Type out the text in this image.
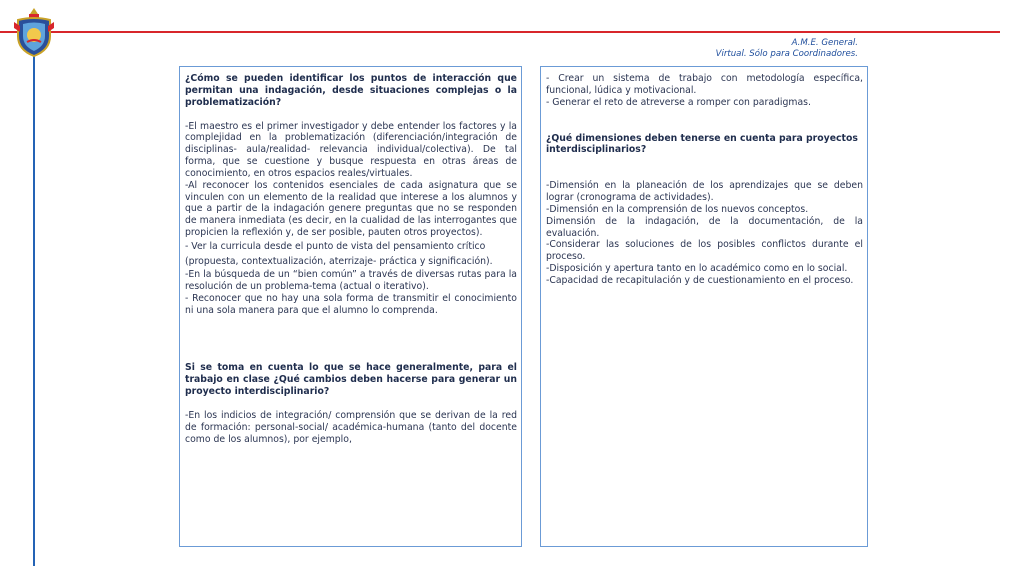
A.M.E. General.
Virtual. Sólo para Coordinadores.

¿Cómo se pueden identificar los puntos de interacción que permitan una indagación, desde situaciones complejas o la problematización?

-El maestro es el primer investigador y debe entender los factores y la complejidad en la problematización (diferenciación/integración de disciplinas- aula/realidad- relevancia individual/colectiva). De tal forma, que se cuestione y busque respuesta en otras áreas de conocimiento, en otros espacios reales/virtuales.

-Al reconocer los contenidos esenciales de cada asignatura que se vinculen con un elemento de la realidad que interese a los alumnos y que a partir de la indagación genere preguntas que no se responden de manera inmediata (es decir, en la cualidad de las interrogantes que propicien la reflexión y, de ser posible, pauten otros proyectos).

- Ver la curricula desde el punto de vista del pensamiento crítico (propuesta, contextualización, aterrizaje- práctica y significación).

-En la búsqueda de un “bien común” a través de diversas rutas para la resolución de un problema-tema (actual o iterativo).

- Reconocer que no hay una sola forma de transmitir el conocimiento ni una sola manera para que el alumno lo comprenda.

Si se toma en cuenta lo que se hace generalmente, para el trabajo en clase ¿Qué cambios deben hacerse para generar un proyecto interdisciplinario?

-En los indicios de integración/ comprensión que se derivan de la red de formación: personal-social/ académica-humana (tanto del docente como de los alumnos), por ejemplo,

- Crear un sistema de trabajo con metodología específica, funcional, lúdica y motivacional.

- Generar el reto de atreverse a romper con paradigmas.

¿Qué dimensiones deben tenerse en cuenta para proyectos interdisciplinarios?

-Dimensión en la planeación de los aprendizajes que se deben lograr (cronograma de actividades).

-Dimensión en la comprensión de los nuevos conceptos.

Dimensión de la indagación, de la documentación, de la evaluación.

-Considerar las soluciones de los posibles conflictos durante el proceso.

-Disposición y apertura tanto en lo académico como en lo social.

-Capacidad de recapitulación y de cuestionamiento en el proceso.
